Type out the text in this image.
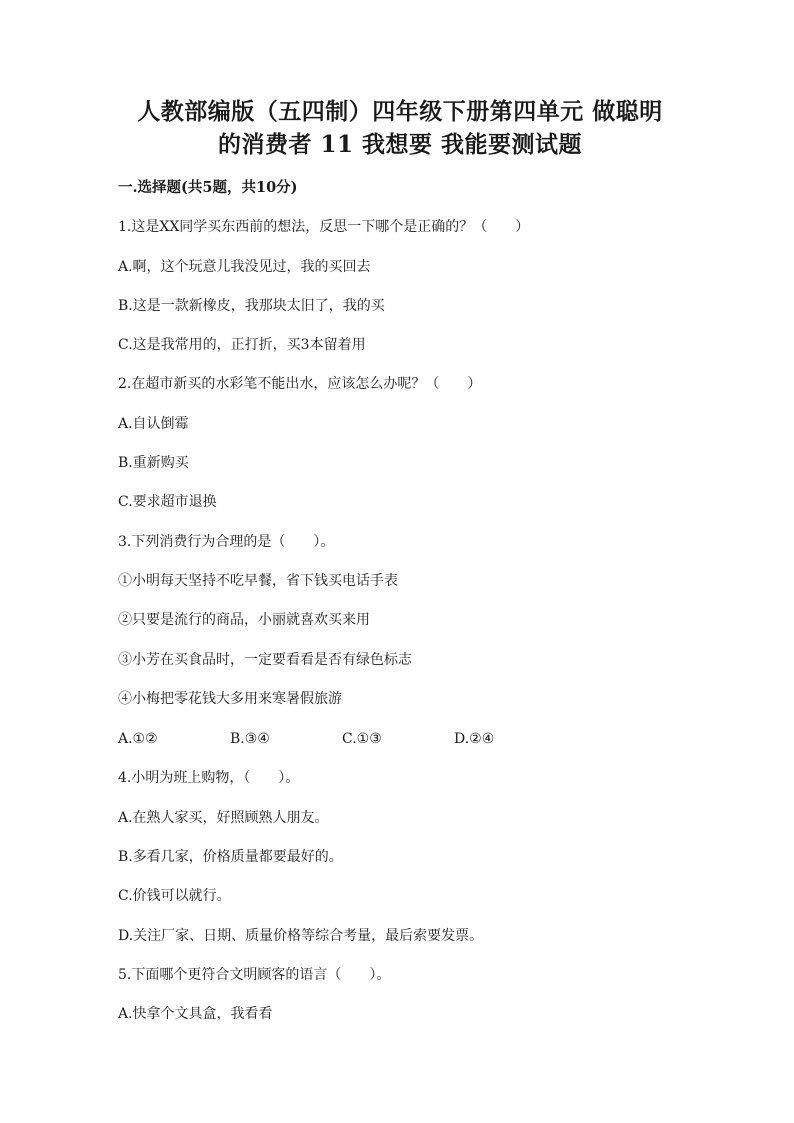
人教部编版（五四制）四年级下册第四单元 做聪明
的消费者 11 我想要 我能要测试题
一.选择题(共5题，共10分)
1.这是XX同学买东西前的想法，反思一下哪个是正确的？（　　）
A.啊，这个玩意儿我没见过，我的买回去
B.这是一款新橡皮，我那块太旧了，我的买
C.这是我常用的，正打折，买3本留着用
2.在超市新买的水彩笔不能出水，应该怎么办呢？（　　）
A.自认倒霉
B.重新购买
C.要求超市退换
3.下列消费行为合理的是（　　）。
①小明每天坚持不吃早餐，省下钱买电话手表
②只要是流行的商品，小丽就喜欢买来用
③小芳在买食品时，一定要看看是否有绿色标志
④小梅把零花钱大多用来寒暑假旅游
A.①②	B.③④	C.①③	D.②④
4.小明为班上购物，（　　）。
A.在熟人家买，好照顾熟人朋友。
B.多看几家，价格质量都要最好的。
C.价钱可以就行。
D.关注厂家、日期、质量价格等综合考量，最后索要发票。
5.下面哪个更符合文明顾客的语言（　　）。
A.快拿个文具盒，我看看
